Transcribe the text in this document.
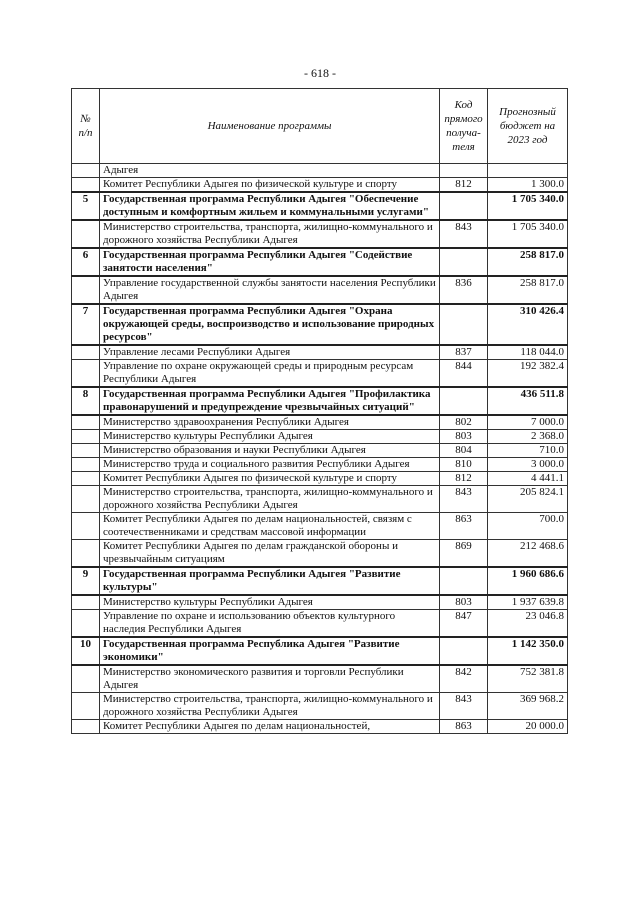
- 618 -
№ п/п	Наименование программы	Код прямого получа-теля	Прогнозный бюджет на 2023 год
	Адыгея		
	Комитет Республики Адыгея по физической культуре и спорту	812	1 300.0
5	Государственная программа Республики Адыгея "Обеспечение доступным и комфортным жильем и коммунальными услугами"		1 705 340.0
	Министерство строительства, транспорта, жилищно-коммунального и дорожного хозяйства Республики Адыгея	843	1 705 340.0
6	Государственная программа Республики Адыгея "Содействие занятости населения"		258 817.0
	Управление государственной службы занятости населения Республики Адыгея	836	258 817.0
7	Государственная программа Республики Адыгея "Охрана окружающей среды, воспроизводство и использование природных ресурсов"		310 426.4
	Управление лесами Республики Адыгея	837	118 044.0
	Управление по охране окружающей среды и природным ресурсам Республики Адыгея	844	192 382.4
8	Государственная программа Республики Адыгея "Профилактика правонарушений и предупреждение чрезвычайных ситуаций"		436 511.8
	Министерство здравоохранения Республики Адыгея	802	7 000.0
	Министерство культуры Республики Адыгея	803	2 368.0
	Министерство образования и науки Республики Адыгея	804	710.0
	Министерство труда и социального развития Республики Адыгея	810	3 000.0
	Комитет Республики Адыгея по физической культуре и спорту	812	4 441.1
	Министерство строительства, транспорта, жилищно-коммунального и дорожного хозяйства Республики Адыгея	843	205 824.1
	Комитет Республики Адыгея по делам национальностей, связям с соотечественниками и средствам массовой информации	863	700.0
	Комитет Республики Адыгея по делам гражданской обороны и чрезвычайным ситуациям	869	212 468.6
9	Государственная программа Республики Адыгея "Развитие культуры"		1 960 686.6
	Министерство культуры Республики Адыгея	803	1 937 639.8
	Управление по охране и использованию объектов культурного наследия Республики Адыгея	847	23 046.8
10	Государственная программа Республика Адыгея "Развитие экономики"		1 142 350.0
	Министерство экономического развития и торговли Республики Адыгея	842	752 381.8
	Министерство строительства, транспорта, жилищно-коммунального и дорожного хозяйства Республики Адыгея	843	369 968.2
	Комитет Республики Адыгея по делам национальностей,	863	20 000.0
